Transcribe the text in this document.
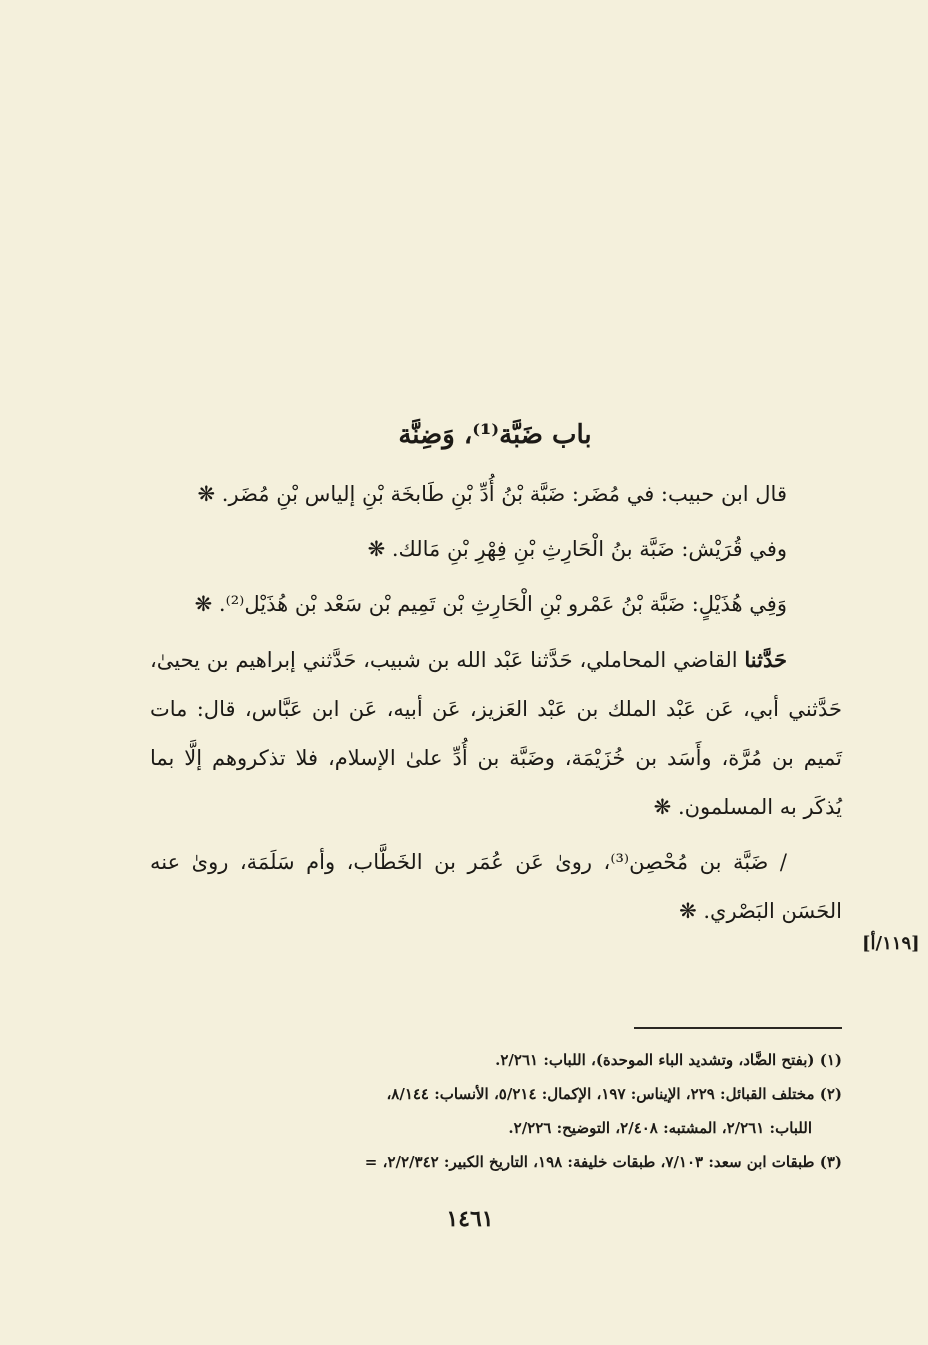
باب ضَبَّة⁽¹⁾، وَضِنَّة

قال ابن حبيب: في مُضَر: ضَبَّة بْنُ أُدِّ بْنِ طَابخَة بْنِ إلياس بْنِ مُضَر. ❋

وفي قُرَيْش: ضَبَّة بنُ الْحَارِثِ بْنِ فِهْرِ بْنِ مَالك. ❋

وَفِي هُذَيْلٍ: ضَبَّة بْنُ عَمْرو بْنِ الْحَارِثِ بْن تَمِيم بْن سَعْد بْن هُذَيْل⁽²⁾. ❋

حَدَّثنا القاضي المحاملي، حَدَّثنا عَبْد الله بن شبيب، حَدَّثني إبراهيم بن يحيىٰ، حَدَّثني أبي، عَن عَبْد الملك بن عَبْد العَزيز، عَن أبيه، عَن ابن عَبَّاس، قال: مات تَميم بن مُرَّة، وأَسَد بن خُزَيْمَة، وضَبَّة بن أُدِّ علىٰ الإسلام، فلا تذكروهم إلَّا بما يُذكَر به المسلمون. ❋

/ ضَبَّة بن مُحْصِن⁽³⁾، روىٰ عَن عُمَر بن الخَطَّاب، وأم سَلَمَة، روىٰ عنه الحَسَن البَصْري. ❋

[١١٩/أ]

(١) (بفتح الضَّاد، وتشديد الباء الموحدة)، اللباب: ٢/٢٦١.

(٢) مختلف القبائل: ٢٢٩، الإيناس: ١٩٧، الإكمال: ٥/٢١٤، الأنساب: ٨/١٤٤،

اللباب: ٢/٢٦١، المشتبه: ٢/٤٠٨، التوضيح: ٢/٢٢٦.

(٣) طبقات ابن سعد: ٧/١٠٣، طبقات خليفة: ١٩٨، التاريخ الكبير: ٢/٢/٣٤٢، =

١٤٦١
